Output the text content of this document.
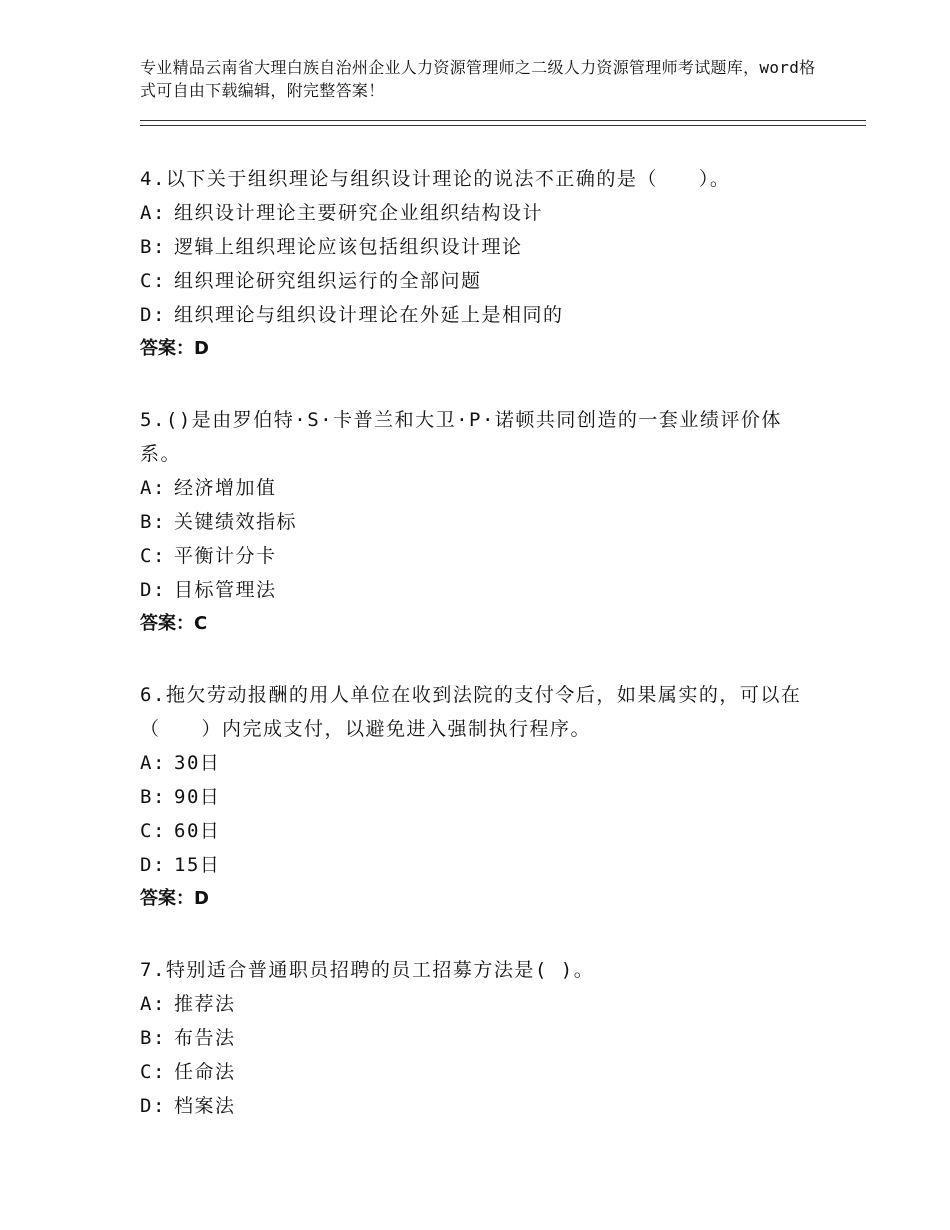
专业精品云南省大理白族自治州企业人力资源管理师之二级人力资源管理师考试题库，word格式可自由下载编辑，附完整答案！

4.以下关于组织理论与组织设计理论的说法不正确的是（　　）。

A: 组织设计理论主要研究企业组织结构设计

B: 逻辑上组织理论应该包括组织设计理论

C: 组织理论研究组织运行的全部问题

D: 组织理论与组织设计理论在外延上是相同的

答案：D

5.()是由罗伯特·S·卡普兰和大卫·P·诺顿共同创造的一套业绩评价体系。

A: 经济增加值

B: 关键绩效指标

C: 平衡计分卡

D: 目标管理法

答案：C

6.拖欠劳动报酬的用人单位在收到法院的支付令后，如果属实的，可以在（　　）内完成支付，以避免进入强制执行程序。

A: 30日

B: 90日

C: 60日

D: 15日

答案：D

7.特别适合普通职员招聘的员工招募方法是( )。

A: 推荐法

B: 布告法

C: 任命法

D: 档案法
